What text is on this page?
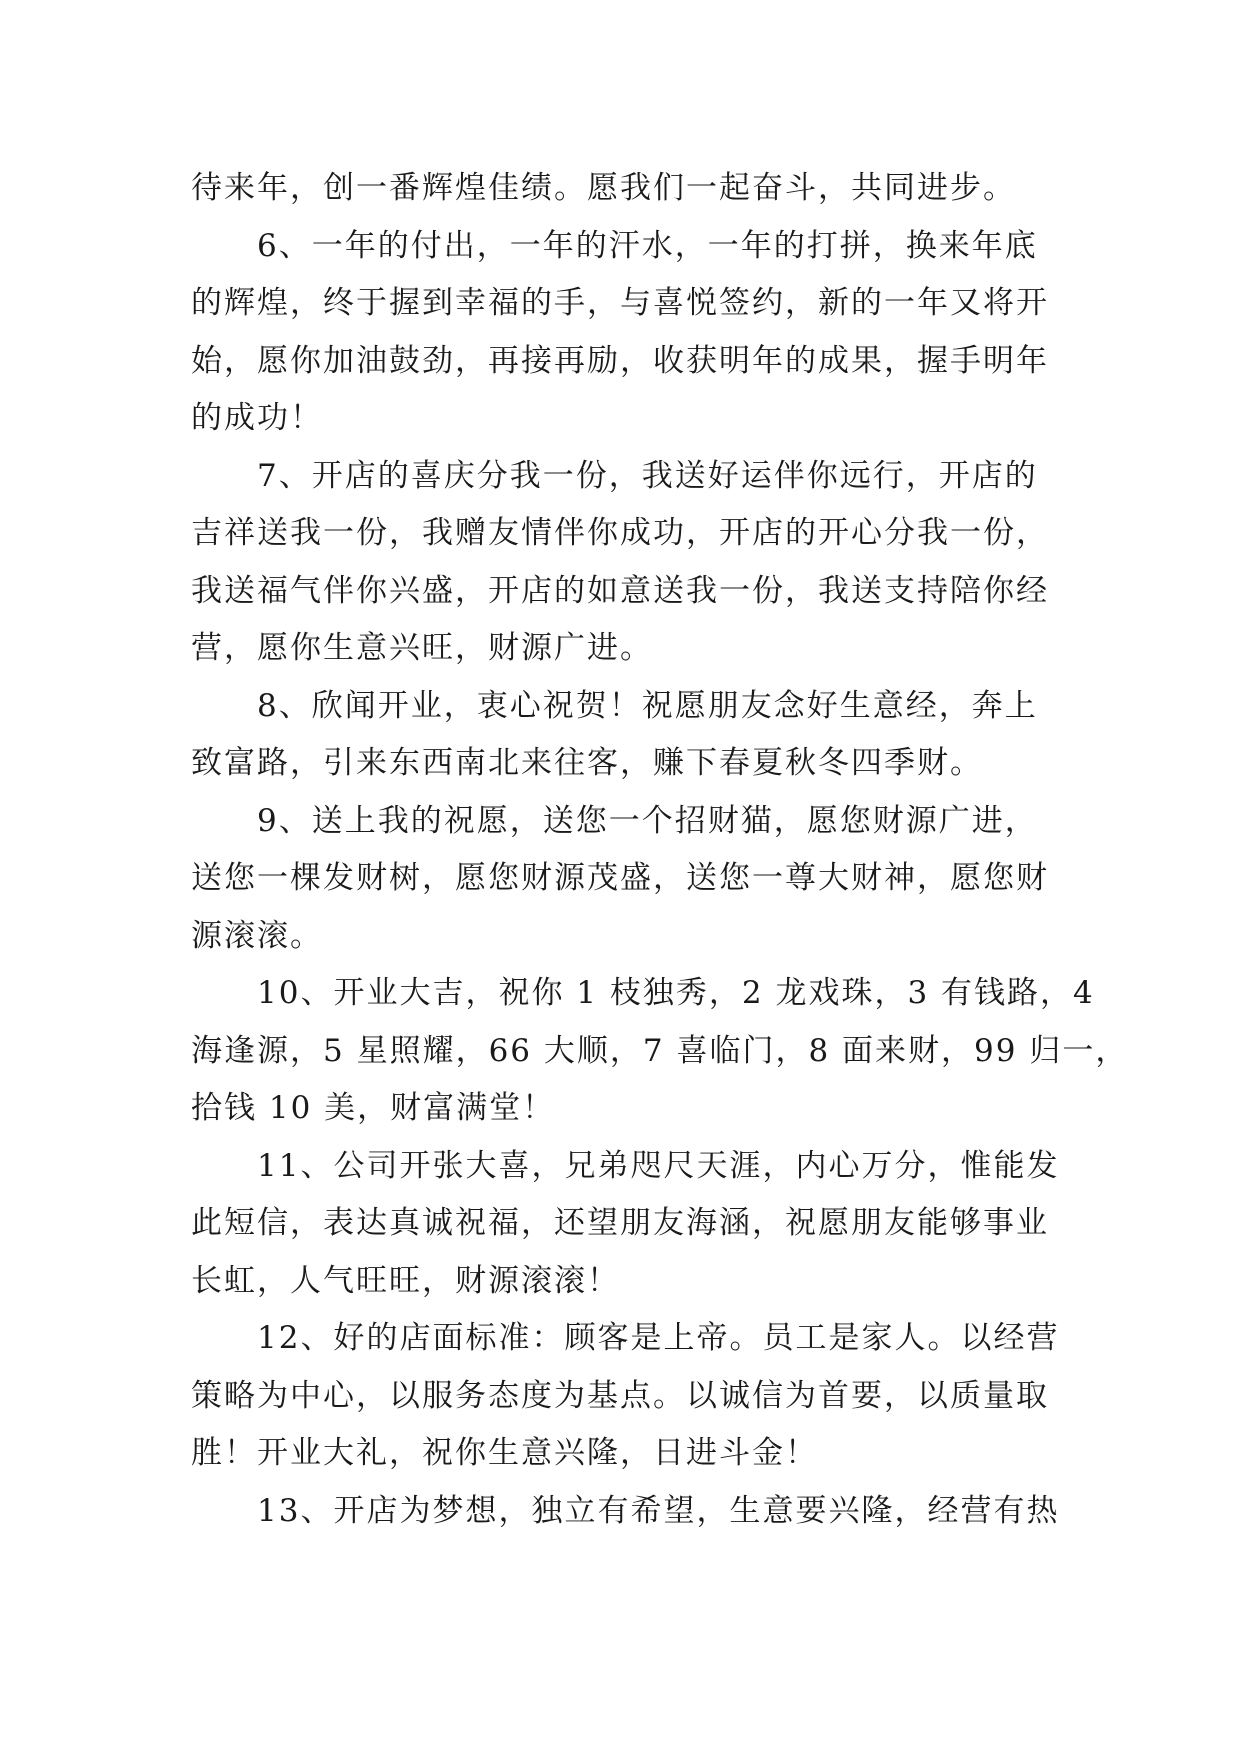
待来年，创一番辉煌佳绩。愿我们一起奋斗，共同进步。
6、一年的付出，一年的汗水，一年的打拼，换来年底
的辉煌，终于握到幸福的手，与喜悦签约，新的一年又将开
始，愿你加油鼓劲，再接再励，收获明年的成果，握手明年
的成功！
7、开店的喜庆分我一份，我送好运伴你远行，开店的
吉祥送我一份，我赠友情伴你成功，开店的开心分我一份，
我送福气伴你兴盛，开店的如意送我一份，我送支持陪你经
营，愿你生意兴旺，财源广进。
8、欣闻开业，衷心祝贺！祝愿朋友念好生意经，奔上
致富路，引来东西南北来往客，赚下春夏秋冬四季财。
9、送上我的祝愿，送您一个招财猫，愿您财源广进，
送您一棵发财树，愿您财源茂盛，送您一尊大财神，愿您财
源滚滚。
10、开业大吉，祝你 1 枝独秀，2 龙戏珠，3 有钱路，4
海逢源，5 星照耀，66 大顺，7 喜临门，8 面来财，99 归一，
拾钱 10 美，财富满堂！
11、公司开张大喜，兄弟咫尺天涯，内心万分，惟能发
此短信，表达真诚祝福，还望朋友海涵，祝愿朋友能够事业
长虹，人气旺旺，财源滚滚！
12、好的店面标准：顾客是上帝。员工是家人。以经营
策略为中心，以服务态度为基点。以诚信为首要，以质量取
胜！开业大礼，祝你生意兴隆，日进斗金！
13、开店为梦想，独立有希望，生意要兴隆，经营有热
